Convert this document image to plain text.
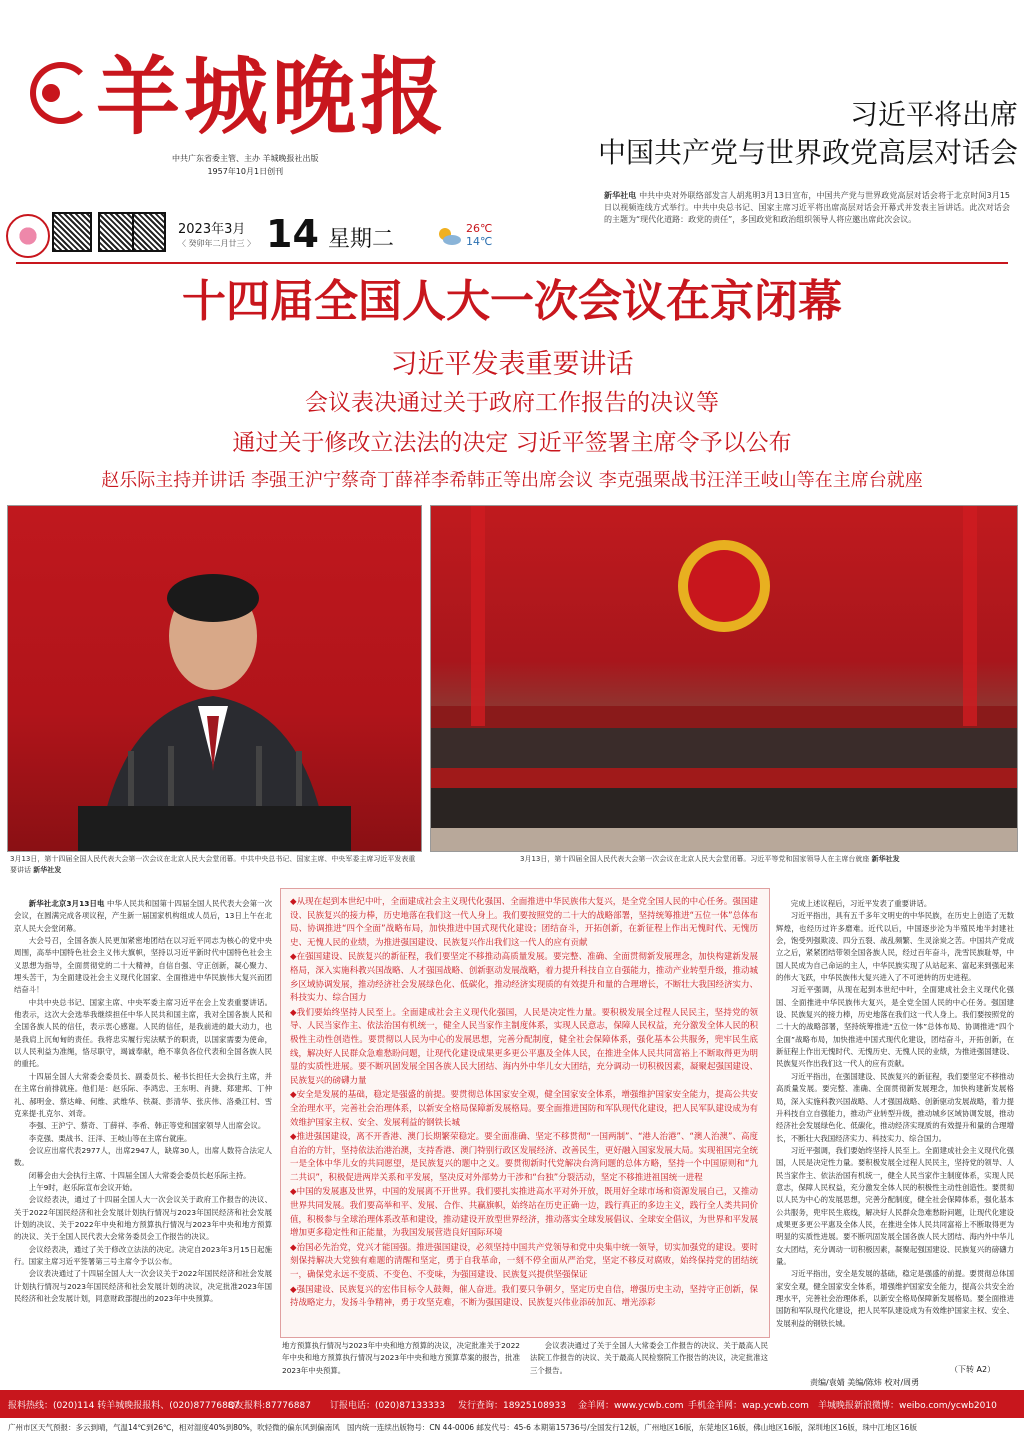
羊城晚报
中共广东省委主管、主办 羊城晚报社出版
1957年10月1日创刊
2023年3月
〈 癸卯年二月廿三 〉 14 星期二	26℃
14℃
习近平将出席
中国共产党与世界政党高层对话会
新华社电 中共中央对外联络部发言人胡兆明3月13日宣布，中国共产党与世界政党高层对话会将于北京时间3月15日以视频连线方式举行。中共中央总书记、国家主席习近平将出席高层对话会开幕式并发表主旨讲话。此次对话会的主题为“现代化道路：政党的责任”，多国政党和政治组织领导人将应邀出席此次会议。
十四届全国人大一次会议在京闭幕
习近平发表重要讲话
会议表决通过关于政府工作报告的决议等
通过关于修改立法法的决定 习近平签署主席令予以公布
赵乐际主持并讲话 李强王沪宁蔡奇丁薛祥李希韩正等出席会议 李克强栗战书汪洋王岐山等在主席台就座
3月13日，第十四届全国人民代表大会第一次会议在北京人民大会堂闭幕。中共中央总书记、国家主席、中央军委主席习近平发表重要讲话 新华社发
3月13日，第十四届全国人民代表大会第一次会议在北京人民大会堂闭幕。习近平等党和国家领导人在主席台就座 新华社发

新华社北京3月13日电 中华人民共和国第十四届全国人民代表大会第一次会议，在圆满完成各项议程，产生新一届国家机构组成人员后，13日上午在北京人民大会堂闭幕。

大会号召，全国各族人民更加紧密地团结在以习近平同志为核心的党中央周围，高举中国特色社会主义伟大旗帜，坚持以习近平新时代中国特色社会主义思想为指导，全面贯彻党的二十大精神，自信自强、守正创新，凝心聚力、埋头苦干，为全面建设社会主义现代化国家、全面推进中华民族伟大复兴而团结奋斗！

中共中央总书记、国家主席、中央军委主席习近平在会上发表重要讲话。他表示，这次大会选举我继续担任中华人民共和国主席，我对全国各族人民和全国各族人民的信任，表示衷心感谢。人民的信任，是我前进的最大动力，也是我肩上沉甸甸的责任。我将忠实履行宪法赋予的职责，以国家需要为使命，以人民利益为准绳，恪尽职守，竭诚奉献，绝不辜负各位代表和全国各族人民的重托。

十四届全国人大常委会委员长、副委员长、秘书长担任大会执行主席，并在主席台前排就座。他们是：赵乐际、李鸿忠、王东明、肖捷、郑建邦、丁仲礼、郝明金、蔡达峰、何维、武维华、铁凝、彭清华、张庆伟、洛桑江村、雪克来提·扎克尔、刘奇。

李强、王沪宁、蔡奇、丁薛祥、李希、韩正等党和国家领导人出席会议。

李克强、栗战书、汪洋、王岐山等在主席台就座。

会议应出席代表2977人，出席2947人，缺席30人，出席人数符合法定人数。

闭幕会由大会执行主席、十四届全国人大常委会委员长赵乐际主持。

上午9时，赵乐际宣布会议开始。

会议经表决，通过了十四届全国人大一次会议关于政府工作报告的决议、关于2022年国民经济和社会发展计划执行情况与2023年国民经济和社会发展计划的决议、关于2022年中央和地方预算执行情况与2023年中央和地方预算的决议、关于全国人民代表大会常务委员会工作报告的决议。

会议经表决，通过了关于修改立法法的决定。决定自2023年3月15日起施行。国家主席习近平签署第三号主席令予以公布。

会议表决通过了十四届全国人大一次会议关于2022年国民经济和社会发展计划执行情况与2023年国民经济和社会发展计划的决议，决定批准2023年国民经济和社会发展计划，同意财政部提出的2023年中央预算。

◆从现在起到本世纪中叶，全面建成社会主义现代化强国、全面推进中华民族伟大复兴，是全党全国人民的中心任务。强国建设、民族复兴的接力棒，历史地落在我们这一代人身上。我们要按照党的二十大的战略部署，坚持统筹推进“五位一体”总体布局、协调推进“四个全面”战略布局，加快推进中国式现代化建设；团结奋斗，开拓创新，在新征程上作出无愧时代、无愧历史、无愧人民的业绩，为推进强国建设、民族复兴作出我们这一代人的应有贡献

◆在强国建设、民族复兴的新征程，我们要坚定不移推动高质量发展。要完整、准确、全面贯彻新发展理念，加快构建新发展格局，深入实施科教兴国战略、人才强国战略、创新驱动发展战略，着力提升科技自立自强能力，推动产业转型升级，推动城乡区域协调发展，推动经济社会发展绿色化、低碳化，推动经济实现质的有效提升和量的合理增长，不断壮大我国经济实力、科技实力、综合国力

◆我们要始终坚持人民至上。全面建成社会主义现代化强国，人民是决定性力量。要积极发展全过程人民民主，坚持党的领导、人民当家作主、依法治国有机统一，健全人民当家作主制度体系，实现人民意志，保障人民权益，充分激发全体人民的积极性主动性创造性。要贯彻以人民为中心的发展思想，完善分配制度，健全社会保障体系，强化基本公共服务，兜牢民生底线，解决好人民群众急难愁盼问题，让现代化建设成果更多更公平惠及全体人民，在推进全体人民共同富裕上不断取得更为明显的实质性进展。要不断巩固发展全国各族人民大团结、海内外中华儿女大团结，充分调动一切积极因素，凝聚起强国建设、民族复兴的磅礴力量

◆安全是发展的基础，稳定是强盛的前提。要贯彻总体国家安全观，健全国家安全体系，增强维护国家安全能力，提高公共安全治理水平，完善社会治理体系，以新安全格局保障新发展格局。要全面推进国防和军队现代化建设，把人民军队建设成为有效维护国家主权、安全、发展利益的钢铁长城

◆推进强国建设，离不开香港、澳门长期繁荣稳定。要全面准确、坚定不移贯彻“一国两制”、“港人治港”、“澳人治澳”、高度自治的方针，坚持依法治港治澳，支持香港、澳门特别行政区发展经济、改善民生，更好融入国家发展大局。实现祖国完全统一是全体中华儿女的共同愿望，是民族复兴的题中之义。要贯彻新时代党解决台湾问题的总体方略，坚持一个中国原则和“九二共识”，积极促进两岸关系和平发展，坚决反对外部势力干涉和“台独”分裂活动，坚定不移推进祖国统一进程

◆中国的发展惠及世界，中国的发展离不开世界。我们要扎实推进高水平对外开放，既用好全球市场和资源发展自己，又推动世界共同发展。我们要高举和平、发展、合作、共赢旗帜，始终站在历史正确一边，践行真正的多边主义，践行全人类共同价值，积极参与全球治理体系改革和建设，推动建设开放型世界经济，推动落实全球发展倡议、全球安全倡议，为世界和平发展增加更多稳定性和正能量，为我国发展营造良好国际环境

◆治国必先治党，党兴才能国强。推进强国建设，必须坚持中国共产党领导和党中央集中统一领导，切实加强党的建设。要时刻保持解决大党独有难题的清醒和坚定，勇于自我革命，一刻不停全面从严治党，坚定不移反对腐败，始终保持党的团结统一，确保党永远不变质、不变色、不变味，为强国建设、民族复兴提供坚强保证

◆强国建设、民族复兴的宏伟目标令人鼓舞，催人奋进。我们要只争朝夕，坚定历史自信，增强历史主动，坚持守正创新，保持战略定力，发扬斗争精神，勇于攻坚克难，不断为强国建设、民族复兴伟业添砖加瓦、增光添彩

地方预算执行情况与2023年中央和地方预算的决议，决定批准关于2022年中央和地方预算执行情况与2023年中央和地方预算草案的报告，批准2023年中央预算。

会议表决通过了关于全国人大常委会工作报告的决议、关于最高人民法院工作报告的决议、关于最高人民检察院工作报告的决议，决定批准这三个报告。

完成上述议程后，习近平发表了重要讲话。

习近平指出，具有五千多年文明史的中华民族，在历史上创造了无数辉煌，也经历过许多磨难。近代以后，中国逐步沦为半殖民地半封建社会，饱受列强欺凌、四分五裂、战乱频繁、生灵涂炭之苦。中国共产党成立之后，紧紧团结带领全国各族人民，经过百年奋斗，洗雪民族耻辱，中国人民成为自己命运的主人，中华民族实现了从站起来、富起来到强起来的伟大飞跃，中华民族伟大复兴进入了不可逆转的历史进程。

习近平强调，从现在起到本世纪中叶，全面建成社会主义现代化强国、全面推进中华民族伟大复兴，是全党全国人民的中心任务。强国建设、民族复兴的接力棒，历史地落在我们这一代人身上。我们要按照党的二十大的战略部署，坚持统筹推进“五位一体”总体布局、协调推进“四个全面”战略布局，加快推进中国式现代化建设，团结奋斗，开拓创新，在新征程上作出无愧时代、无愧历史、无愧人民的业绩，为推进强国建设、民族复兴作出我们这一代人的应有贡献。

习近平指出，在强国建设、民族复兴的新征程，我们要坚定不移推动高质量发展。要完整、准确、全面贯彻新发展理念，加快构建新发展格局，深入实施科教兴国战略、人才强国战略、创新驱动发展战略，着力提升科技自立自强能力，推动产业转型升级，推动城乡区域协调发展，推动经济社会发展绿色化、低碳化，推动经济实现质的有效提升和量的合理增长，不断壮大我国经济实力、科技实力、综合国力。

习近平强调，我们要始终坚持人民至上。全面建成社会主义现代化强国，人民是决定性力量。要积极发展全过程人民民主，坚持党的领导、人民当家作主、依法治国有机统一，健全人民当家作主制度体系，实现人民意志，保障人民权益，充分激发全体人民的积极性主动性创造性。要贯彻以人民为中心的发展思想，完善分配制度，健全社会保障体系，强化基本公共服务，兜牢民生底线，解决好人民群众急难愁盼问题，让现代化建设成果更多更公平惠及全体人民，在推进全体人民共同富裕上不断取得更为明显的实质性进展。要不断巩固发展全国各族人民大团结、海内外中华儿女大团结，充分调动一切积极因素，凝聚起强国建设、民族复兴的磅礴力量。

习近平指出，安全是发展的基础，稳定是强盛的前提。要贯彻总体国家安全观，健全国家安全体系，增强维护国家安全能力，提高公共安全治理水平，完善社会治理体系，以新安全格局保障新发展格局。要全面推进国防和军队现代化建设，把人民军队建设成为有效维护国家主权、安全、发展利益的钢铁长城。

（下转 A2）
责编/袁婧 美编/陈炜 校对/周勇
报料热线：(020)114 转羊城晚报报料、(020)87776887
Q友报料:87776887 订报电话：(020)87133333 发行查询：18925108933 金羊网：www.ycwb.com 手机金羊网：wap.ycwb.com 羊城晚报新浪微博：weibo.com/ycwb2010
广州市区天气预报：多云到晴，气温14℃到26℃，相对湿度40%到80%，吹轻微的偏东风到偏南风 国内统一连续出版物号：CN 44-0006 邮发代号：45-6 本期第15736号/全国发行12版，广州地区16版，东莞地区16版，佛山地区16版，深圳地区16版，珠中江地区16版
